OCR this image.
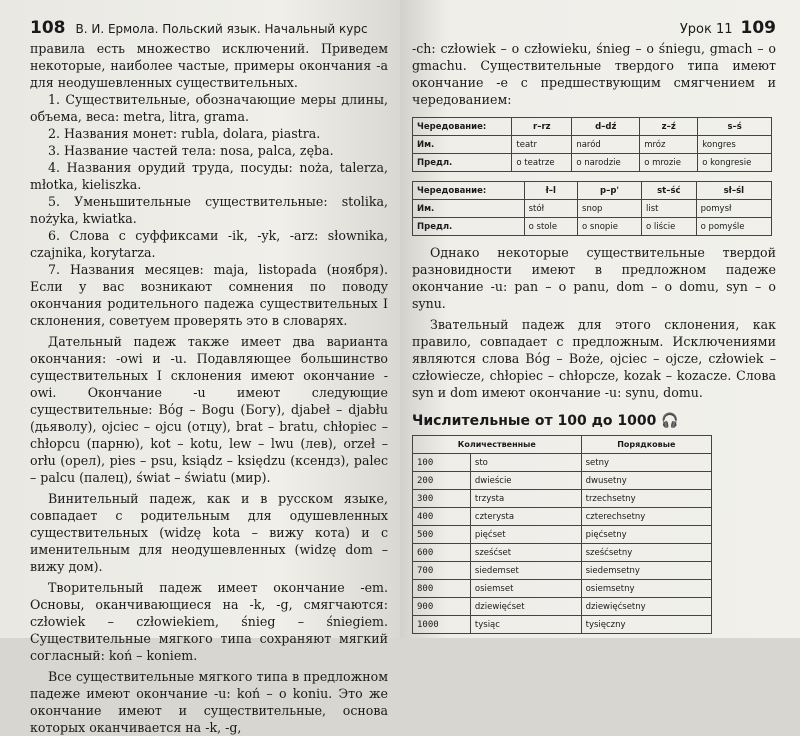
108 В. И. Ермола. Польский язык. Начальный курс

правила есть множество исключений. Приведем некоторые, наиболее частые, примеры окончания -a для неодушевленных существительных.

1. Существительные, обозначающие меры длины, объема, веса: metra, litra, grama.

2. Названия монет: rubla, dolara, piastra.

3. Название частей тела: nosa, palca, zęba.

4. Названия орудий труда, посуды: noża, talerza, młotka, kieliszka.

5. Уменьшительные существительные: stolika, nożyka, kwiatka.

6. Слова с суффиксами -ik, -yk, -arz: słownika, czajnika, korytarza.

7. Названия месяцев: maja, listopada (ноября). Если у вас возникают сомнения по поводу окончания родительного падежа существительных I склонения, советуем проверять это в словарях.

Дательный падеж также имеет два варианта окончания: -owi и -u. Подавляющее большинство существительных I склонения имеют окончание -owi. Окончание -u имеют следующие существительные: Bóg – Bogu (Богу), djabeł – djabłu (дьяволу), ojciec – ojcu (отцу), brat – bratu, chłopiec – chłopcu (парню), kot – kotu, lew – lwu (лев), orzeł – orłu (орел), pies – psu, ksiądz – księdzu (ксендз), palec – palcu (палец), świat – światu (мир).

Винительный падеж, как и в русском языке, совпадает с родительным для одушевленных существительных (widzę kota – вижу кота) и с именительным для неодушевленных (widzę dom – вижу дом).

Творительный падеж имеет окончание -em. Основы, оканчивающиеся на -k, -g, смягчаются: człowiek – człowiekiem, śnieg – śniegiem. Существительные мягкого типа сохраняют мягкий согласный: koń – koniem.

Все существительные мягкого типа в предложном падеже имеют окончание -u: koń – o koniu. Это же окончание имеют и существительные, основа которых оканчивается на -k, -g,

Урок 11 109

-ch: człowiek – o człowieku, śnieg – o śniegu, gmach – o gmachu. Существительные твердого типа имеют окончание -e с предшествующим смягчением и чередованием:

Чередование:	r–rz	d–dź	z–ź	s–ś
Им.	teatr	naród	mróz	kongres
Предл.	o teatrze	o narodzie	o mrozie	o kongresie
Чередование:	ł–l	p–p'	st–ść	sł–śl
Им.	stół	snop	list	pomysł
Предл.	o stole	o snopie	o liście	o pomyśle

Однако некоторые существительные твердой разновидности имеют в предложном падеже окончание -u: pan – o panu, dom – o domu, syn – o synu.

Звательный падеж для этого склонения, как правило, совпадает с предложным. Исключениями являются слова Bóg – Boże, ojciec – ojcze, człowiek – człowiecze, chłopiec – chłopcze, kozak – kozacze. Слова syn и dom имеют окончание -u: synu, domu.

Числительные от 100 до 1000 🎧
Количественные		Порядковые
100	sto	setny
200	dwieście	dwusetny
300	trzysta	trzechsetny
400	czterysta	czterechsetny
500	pięćset	pięćsetny
600	sześćset	sześćsetny
700	siedemset	siedemsetny
800	osiemset	osiemsetny
900	dziewięćset	dziewięćsetny
1000	tysiąc	tysięczny
